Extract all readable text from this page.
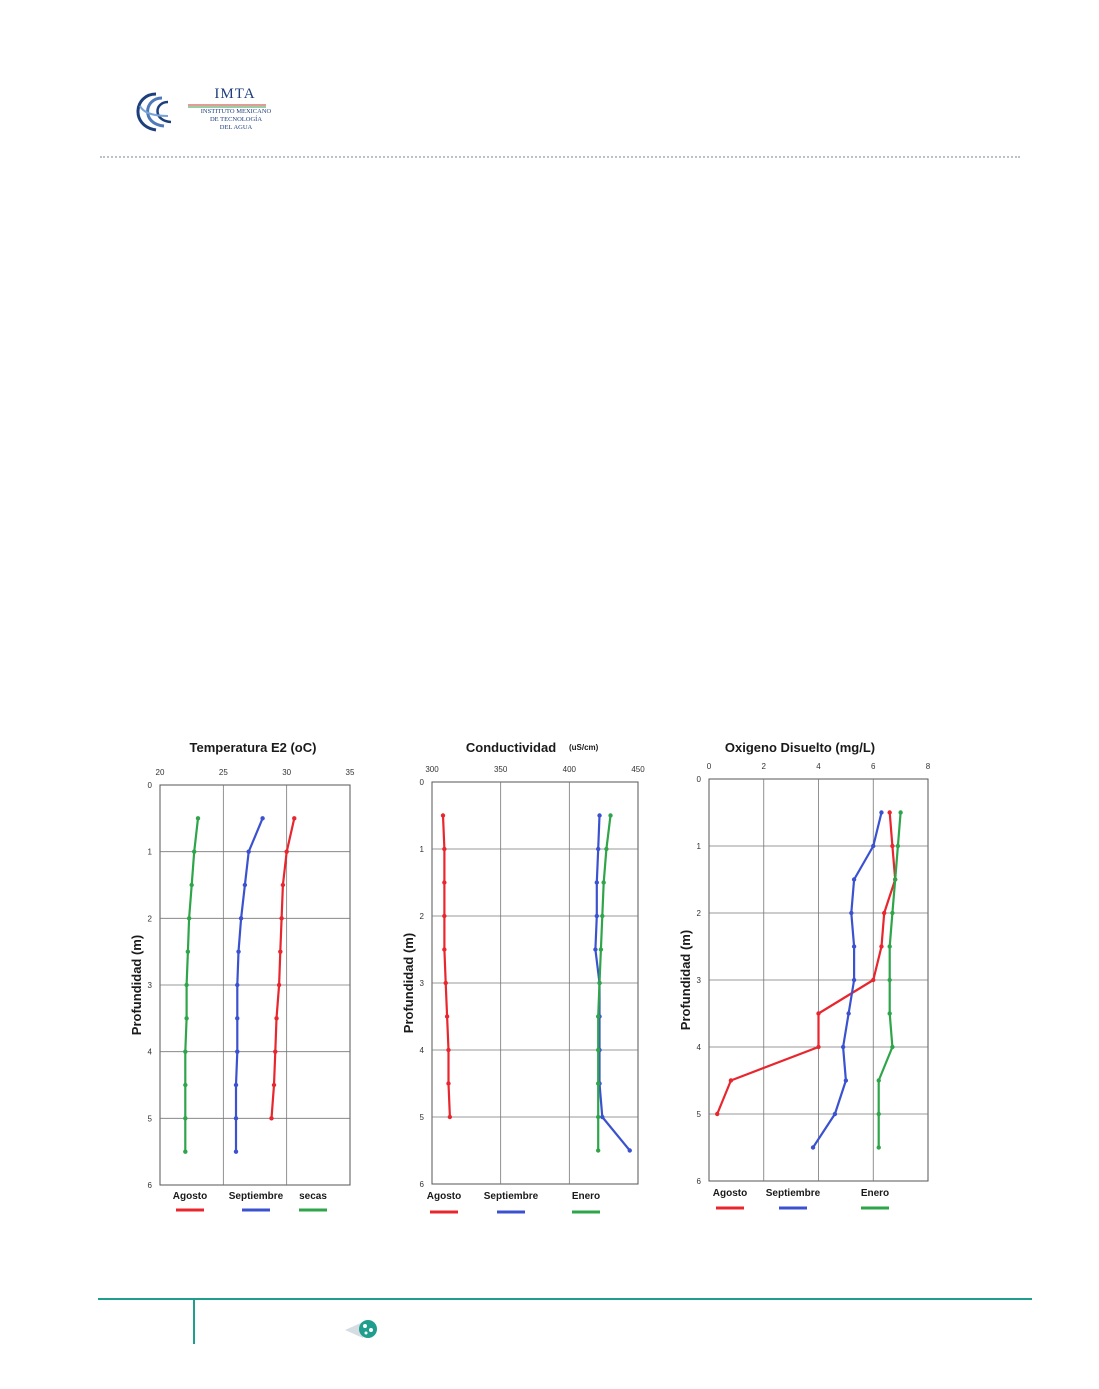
IMTA
INSTITUTO MEXICANO
DE TECNOLOGÍA
DEL AGUA
Temperatura E2 (oC)
20	25	30	35
0
1
2
3
4
5
6
Profundidad (m)
Agosto Septiembre secas
Conductividad (uS/cm)
300	350	400	450
0
1
2
3
4
5
6
Profundidad (m)
Agosto Septiembre	Enero
Oxigeno Disuelto (mg/L)
0	2	4	6	8
0
1
2
3
4
5
6
Profundidad (m)
Agosto Septiembre	Enero
